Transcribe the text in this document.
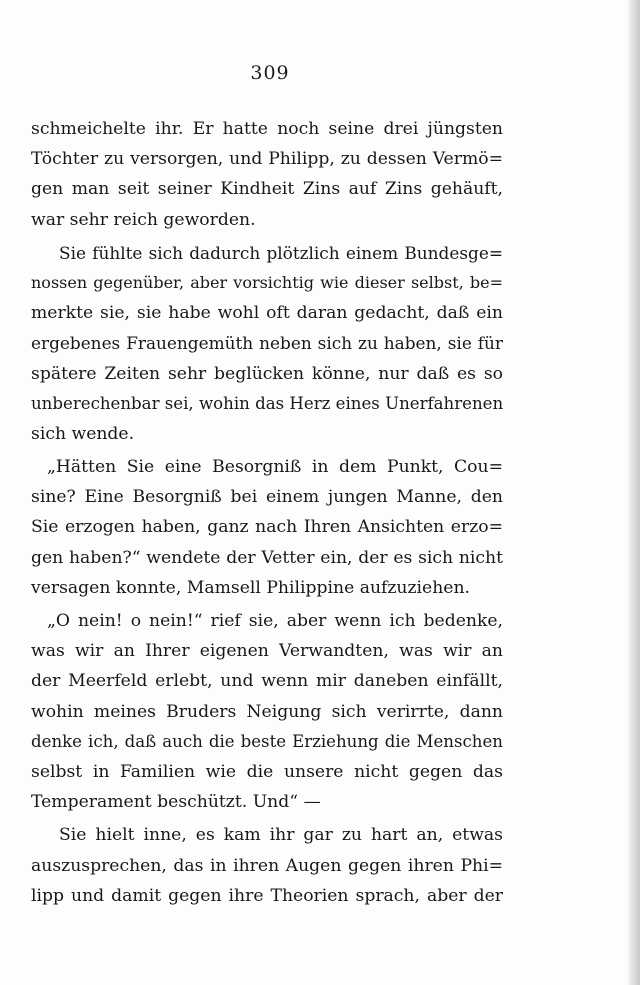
309
schmeichelte ihr. Er hatte noch seine drei jüngsten
Töchter zu versorgen, und Philipp, zu dessen Vermö=
gen man seit seiner Kindheit Zins auf Zins gehäuft,
war sehr reich geworden.
Sie fühlte sich dadurch plötzlich einem Bundesge=
nossen gegenüber, aber vorsichtig wie dieser selbst, be=
merkte sie, sie habe wohl oft daran gedacht, daß ein
ergebenes Frauengemüth neben sich zu haben, sie für
spätere Zeiten sehr beglücken könne, nur daß es so
unberechenbar sei, wohin das Herz eines Unerfahrenen
sich wende.
„Hätten Sie eine Besorgniß in dem Punkt, Cou=
sine? Eine Besorgniß bei einem jungen Manne, den
Sie erzogen haben, ganz nach Ihren Ansichten erzo=
gen haben?“ wendete der Vetter ein, der es sich nicht
versagen konnte, Mamsell Philippine aufzuziehen.
„O nein! o nein!“ rief sie, aber wenn ich bedenke,
was wir an Ihrer eigenen Verwandten, was wir an
der Meerfeld erlebt, und wenn mir daneben einfällt,
wohin meines Bruders Neigung sich verirrte, dann
denke ich, daß auch die beste Erziehung die Menschen
selbst in Familien wie die unsere nicht gegen das
Temperament beschützt. Und“ —
Sie hielt inne, es kam ihr gar zu hart an, etwas
auszusprechen, das in ihren Augen gegen ihren Phi=
lipp und damit gegen ihre Theorien sprach, aber der
